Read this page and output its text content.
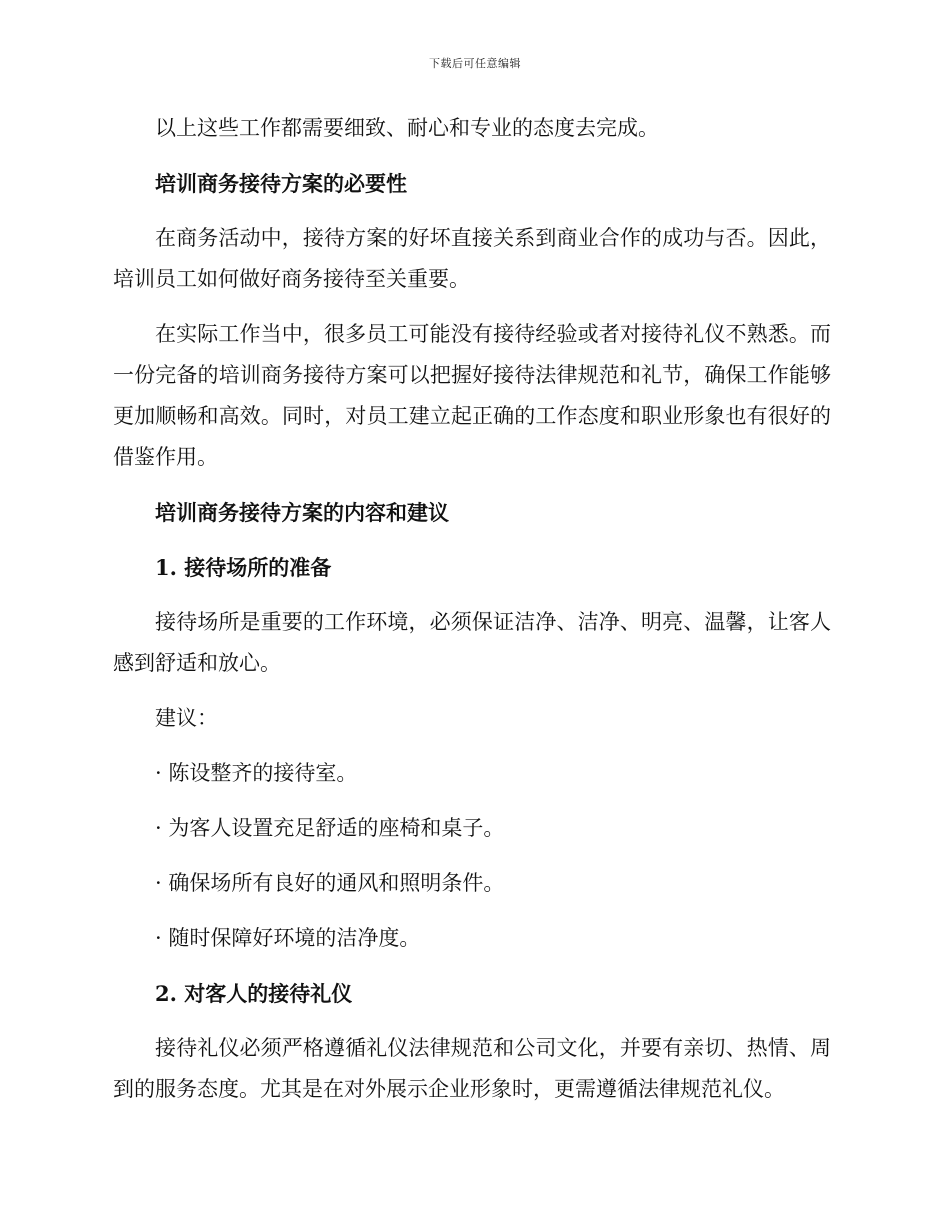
下载后可任意编辑

以上这些工作都需要细致、耐心和专业的态度去完成。

培训商务接待方案的必要性

在商务活动中，接待方案的好坏直接关系到商业合作的成功与否。因此，培训员工如何做好商务接待至关重要。

在实际工作当中，很多员工可能没有接待经验或者对接待礼仪不熟悉。而一份完备的培训商务接待方案可以把握好接待法律规范和礼节，确保工作能够更加顺畅和高效。同时，对员工建立起正确的工作态度和职业形象也有很好的借鉴作用。

培训商务接待方案的内容和建议

1. 接待场所的准备

接待场所是重要的工作环境，必须保证洁净、洁净、明亮、温馨，让客人感到舒适和放心。

建议：

· 陈设整齐的接待室。

· 为客人设置充足舒适的座椅和桌子。

· 确保场所有良好的通风和照明条件。

· 随时保障好环境的洁净度。

2. 对客人的接待礼仪

接待礼仪必须严格遵循礼仪法律规范和公司文化，并要有亲切、热情、周到的服务态度。尤其是在对外展示企业形象时，更需遵循法律规范礼仪。
